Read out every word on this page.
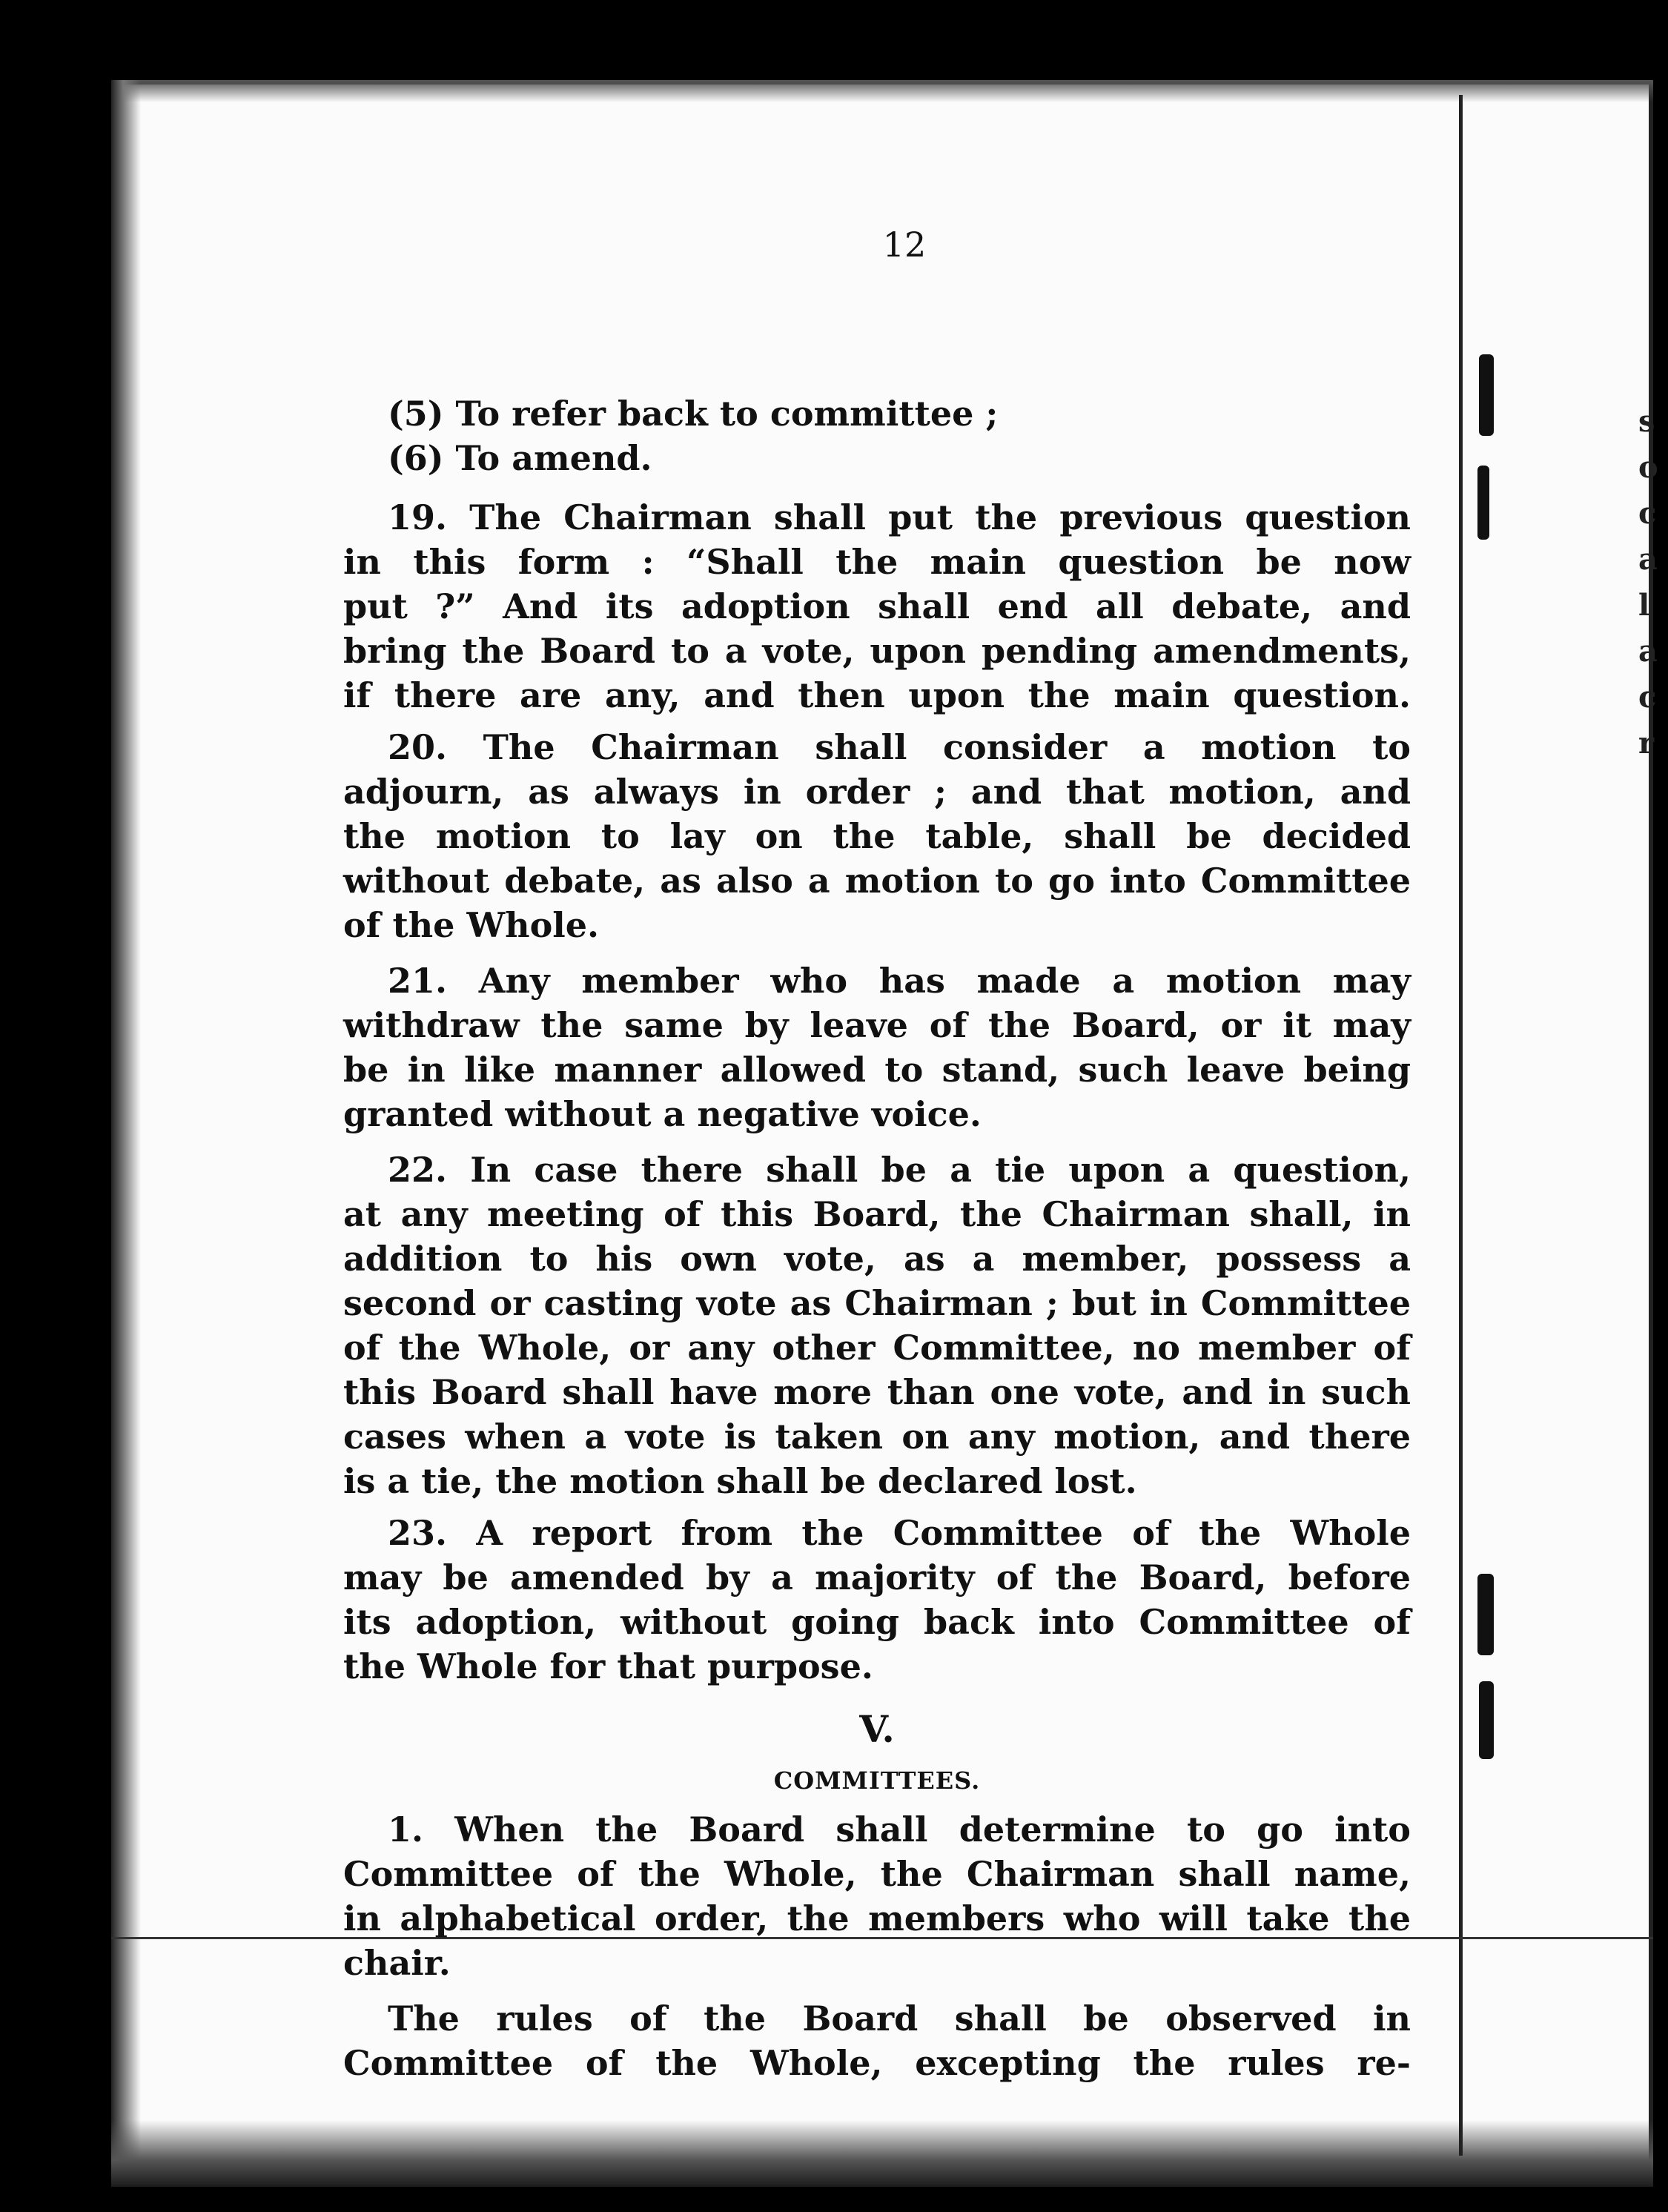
12
(5) To refer back to committee ;
(6) To amend.
19. The Chairman shall put the previous question
in this form : “Shall the main question be now
put ?” And its adoption shall end all debate, and
bring the Board to a vote, upon pending amendments,
if there are any, and then upon the main question.
20. The Chairman shall consider a motion to
adjourn, as always in order ; and that motion, and
the motion to lay on the table, shall be decided
without debate, as also a motion to go into Committee
of the Whole.
21. Any member who has made a motion may
withdraw the same by leave of the Board, or it may
be in like manner allowed to stand, such leave being
granted without a negative voice.
22. In case there shall be a tie upon a question,
at any meeting of this Board, the Chairman shall, in
addition to his own vote, as a member, possess a
second or casting vote as Chairman ; but in Committee
of the Whole, or any other Committee, no member of
this Board shall have more than one vote, and in such
cases when a vote is taken on any motion, and there
is a tie, the motion shall be declared lost.
23. A report from the Committee of the Whole
may be amended by a majority of the Board, before
its adoption, without going back into Committee of
the Whole for that purpose.
V.
COMMITTEES.
1. When the Board shall determine to go into
Committee of the Whole, the Chairman shall name,
in alphabetical order, the members who will take the
chair.
The rules of the Board shall be observed in
Committee of the Whole, excepting the rules re-
s
o
c
a
l
a
c
r
